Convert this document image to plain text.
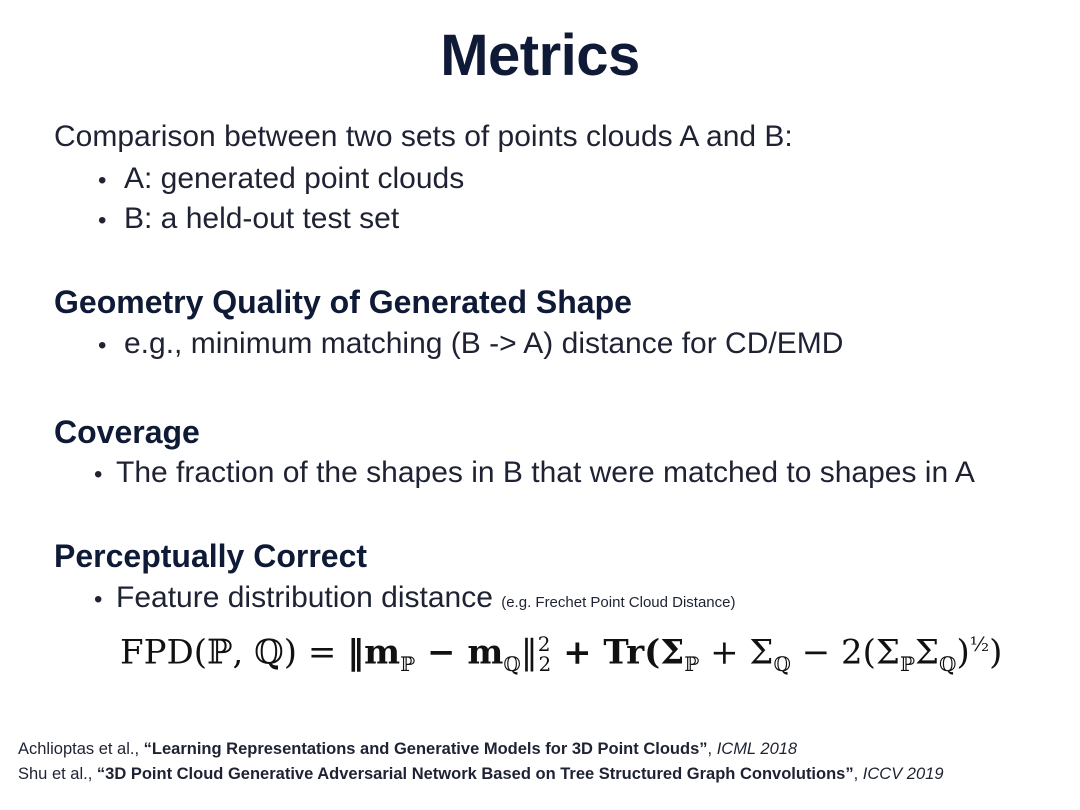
Metrics
Comparison between two sets of points clouds A and B:
• A: generated point clouds
• B: a held-out test set
Geometry Quality of Generated Shape
• e.g., minimum matching (B -> A) distance for CD/EMD
Coverage
• The fraction of the shapes in B that were matched to shapes in A
Perceptually Correct
• Feature distribution distance (e.g. Frechet Point Cloud Distance)
FPD(ℙ, ℚ) = $‖m_ℙ$ − $m_ℚ‖^2_2 + Tr(\Sigma_ℙ + \Sigma_ℚ - 2(\Sigma_ℙ\Sigma_ℚ)^{\frac{1}{2}})$
Achlioptas et al., “Learning Representations and Generative Models for 3D Point Clouds”, ICML 2018
Shu et al., “3D Point Cloud Generative Adversarial Network Based on Tree Structured Graph Convolutions”, ICCV 2019
